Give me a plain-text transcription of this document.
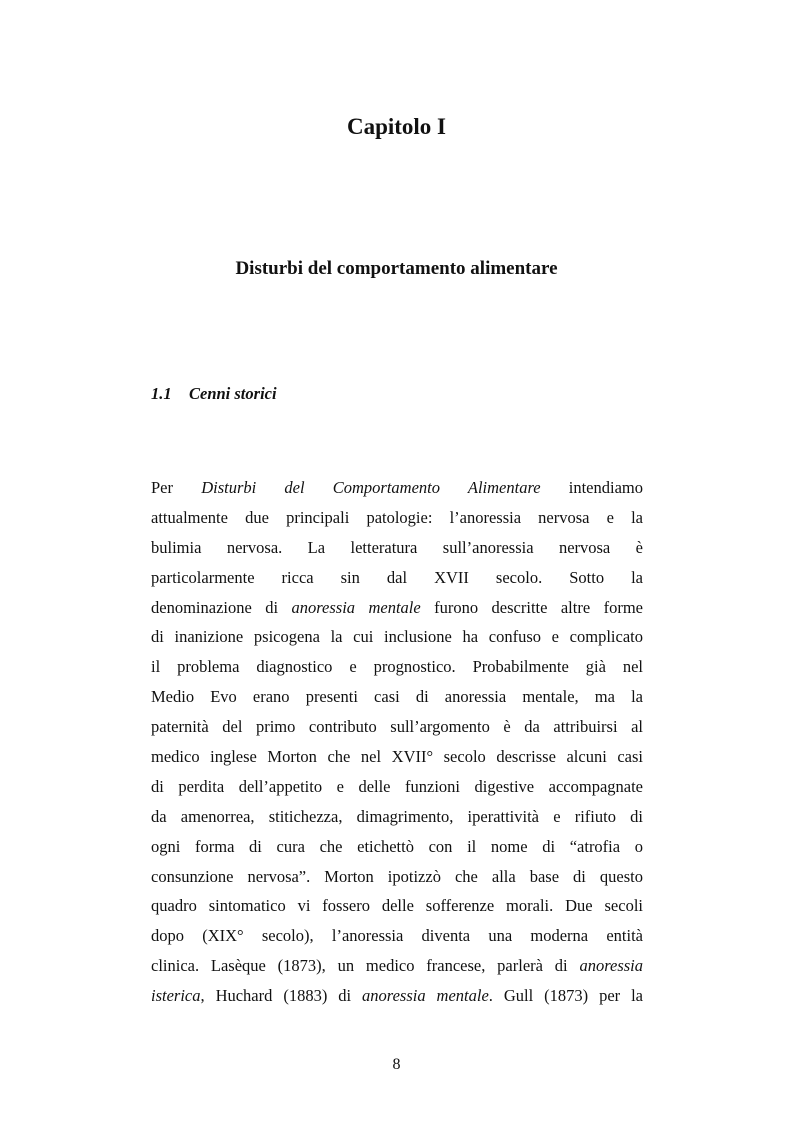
Capitolo I
Disturbi del comportamento alimentare
1.1 Cenni storici
Per Disturbi del Comportamento Alimentare intendiamo
attualmente due principali patologie: l’anoressia nervosa e la
bulimia nervosa. La letteratura sull’anoressia nervosa è
particolarmente ricca sin dal XVII secolo. Sotto la
denominazione di anoressia mentale furono descritte altre forme
di inanizione psicogena la cui inclusione ha confuso e complicato
il problema diagnostico e prognostico. Probabilmente già nel
Medio Evo erano presenti casi di anoressia mentale, ma la
paternità del primo contributo sull’argomento è da attribuirsi al
medico inglese Morton che nel XVII° secolo descrisse alcuni casi
di perdita dell’appetito e delle funzioni digestive accompagnate
da amenorrea, stitichezza, dimagrimento, iperattività e rifiuto di
ogni forma di cura che etichettò con il nome di “atrofia o
consunzione nervosa”. Morton ipotizzò che alla base di questo
quadro sintomatico vi fossero delle sofferenze morali. Due secoli
dopo (XIX° secolo), l’anoressia diventa una moderna entità
clinica. Lasèque (1873), un medico francese, parlerà di anoressia
isterica, Huchard (1883) di anoressia mentale. Gull (1873) per la
8
